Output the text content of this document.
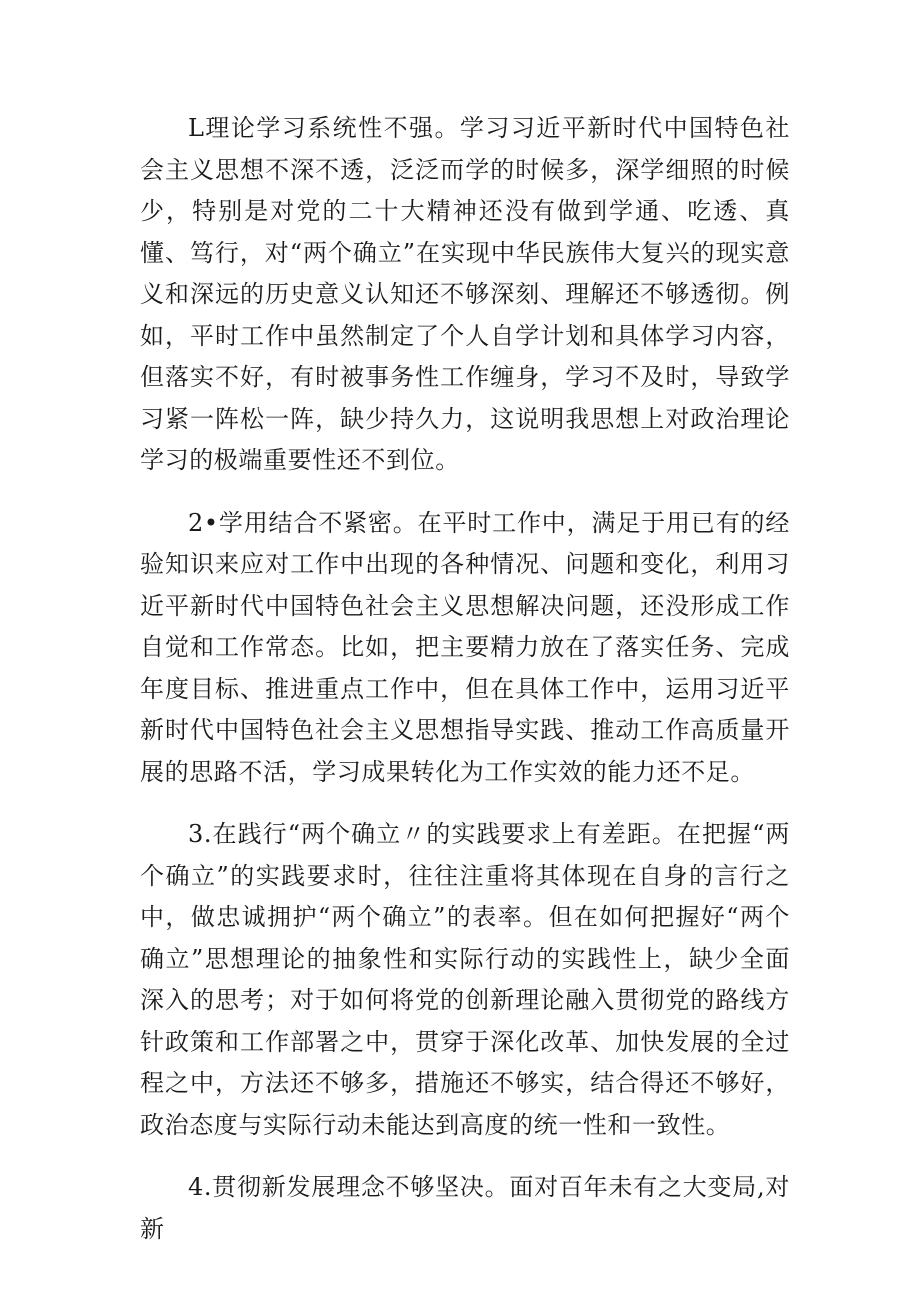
L理论学习系统性不强。学习习近平新时代中国特色社会主义思想不深不透，泛泛而学的时候多，深学细照的时候少，特别是对党的二十大精神还没有做到学通、吃透、真懂、笃行，对“两个确立”在实现中华民族伟大复兴的现实意义和深远的历史意义认知还不够深刻、理解还不够透彻。例如，平时工作中虽然制定了个人自学计划和具体学习内容，但落实不好，有时被事务性工作缠身，学习不及时，导致学习紧一阵松一阵，缺少持久力，这说明我思想上对政治理论学习的极端重要性还不到位。

2•学用结合不紧密。在平时工作中，满足于用已有的经验知识来应对工作中出现的各种情况、问题和变化，利用习近平新时代中国特色社会主义思想解决问题，还没形成工作自觉和工作常态。比如，把主要精力放在了落实任务、完成年度目标、推进重点工作中，但在具体工作中，运用习近平新时代中国特色社会主义思想指导实践、推动工作高质量开展的思路不活，学习成果转化为工作实效的能力还不足。

3.在践行“两个确立〃的实践要求上有差距。在把握“两个确立”的实践要求时，往往注重将其体现在自身的言行之中，做忠诚拥护“两个确立”的表率。但在如何把握好“两个确立”思想理论的抽象性和实际行动的实践性上，缺少全面深入的思考；对于如何将党的创新理论融入贯彻党的路线方针政策和工作部署之中，贯穿于深化改革、加快发展的全过程之中，方法还不够多，措施还不够实，结合得还不够好，政治态度与实际行动未能达到高度的统一性和一致性。

4.贯彻新发展理念不够坚决。面对百年未有之大变局,对新
